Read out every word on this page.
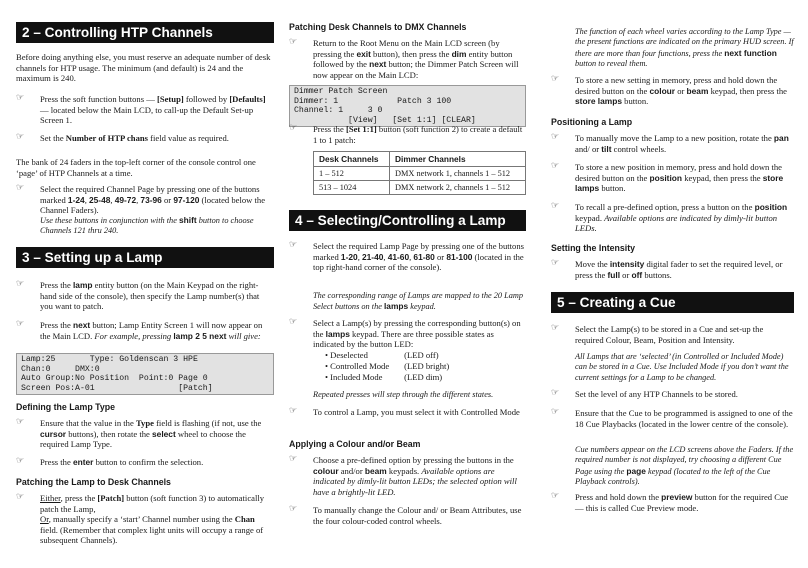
2 – Controlling HTP Channels

Before doing anything else, you must reserve an adequate number of desk channels for HTP usage. The minimum (and default) is 24 and the maximum is 240.

☞ Press the soft function buttons — [Setup] followed by [Defaults] — located below the Main LCD, to call-up the Default Set-up Screen 1.
☞ Set the Number of HTP chans field value as required.

The bank of 24 faders in the top-left corner of the console control one ‘page’ of HTP Channels at a time.

☞ Select the required Channel Page by pressing one of the buttons marked 1-24, 25-48, 49-72, 73-96 or 97-120 (located below the Channel Faders).
Use these buttons in conjunction with the shift button to choose Channels 121 thru 240.
3 – Setting up a Lamp
☞ Press the lamp entity button (on the Main Keypad on the right-hand side of the console), then specify the Lamp number(s) that you want to patch.
☞ Press the next button; Lamp Entity Screen 1 will now appear on the Main LCD. For example, pressing lamp 2 5 next will give:
Lamp:25       Type: Goldenscan 3 HPE
Chan:0     DMX:0
Auto Group:No Position  Point:0 Page 0
Screen Pos:A-01                 [Patch]
Defining the Lamp Type
☞ Ensure that the value in the Type field is flashing (if not, use the cursor buttons), then rotate the select wheel to choose the required Lamp Type.
☞ Press the enter button to confirm the selection.
Patching the Lamp to Desk Channels
☞ Either, press the [Patch] button (soft function 3) to automatically patch the Lamp,
Or, manually specify a ‘start’ Channel number using the Chan field. (Remember that complex light units will occupy a range of subsequent Channels).
Patching Desk Channels to DMX Channels
☞ Return to the Root Menu on the Main LCD screen (by pressing the exit button), then press the dim entity button followed by the next button; the Dimmer Patch Screen will now appear on the Main LCD:
Dimmer Patch Screen
Dimmer: 1            Patch 3 100
Channel: 1     3 0
[View]   [Set 1:1] [CLEAR]
☞ Press the [Set 1:1] button (soft function 2) to create a default 1 to 1 patch:
Desk Channels	Dimmer Channels
1 – 512	DMX network 1, channels 1 – 512
513 – 1024	DMX network 2, channels 1 – 512
4 – Selecting/Controlling a Lamp
☞ Select the required Lamp Page by pressing one of the buttons marked 1-20, 21-40, 41-60, 61-80 or 81-100 (located in the top right-hand corner of the console).
The corresponding range of Lamps are mapped to the 20 Lamp Select buttons on the lamps keypad.
☞ Select a Lamp(s) by pressing the corresponding button(s) on the lamps keypad. There are three possible states as indicated by the button LED:
• Deselected	(LED off)
• Controlled Mode (LED bright)
• Included Mode	(LED dim)
Repeated presses will step through the different states.
☞ To control a Lamp, you must select it with Controlled Mode
Applying a Colour and/or Beam
☞ Choose a pre-defined option by pressing the buttons in the colour and/or beam keypads. Available options are indicated by dimly-lit button LEDs; the selected option will have a brightly-lit LED.
☞ To manually change the Colour and/ or Beam Attributes, use the four colour-coded control wheels.
The function of each wheel varies according to the Lamp Type — the present functions are indicated on the primary HUD screen. If there are more than four functions, press the next function button to reveal them.
☞ To store a new setting in memory, press and hold down the desired button on the colour or beam keypad, then press the store lamps button.
Positioning a Lamp
☞ To manually move the Lamp to a new position, rotate the pan and/ or tilt control wheels.
☞ To store a new position in memory, press and hold down the desired button on the position keypad, then press the store lamps button.
☞ To recall a pre-defined option, press a button on the position keypad. Available options are indicated by dimly-lit button LEDs.
Setting the Intensity
☞ Move the intensity digital fader to set the required level, or press the full or off buttons.
5 – Creating a Cue
☞ Select the Lamp(s) to be stored in a Cue and set-up the required Colour, Beam, Position and Intensity.
All Lamps that are ‘selected’ (in Controlled or Included Mode) can be stored in a Cue. Use Included Mode if you don’t want the current settings for a Lamp to be changed.
☞ Set the level of any HTP Channels to be stored.
☞ Ensure that the Cue to be programmed is assigned to one of the 18 Cue Playbacks (located in the lower centre of the console).
Cue numbers appear on the LCD screens above the Faders. If the required number is not displayed, try choosing a different Cue Page using the page keypad (located to the left of the Cue Playback controls).
☞ Press and hold down the preview button for the required Cue — this is called Cue Preview mode.
